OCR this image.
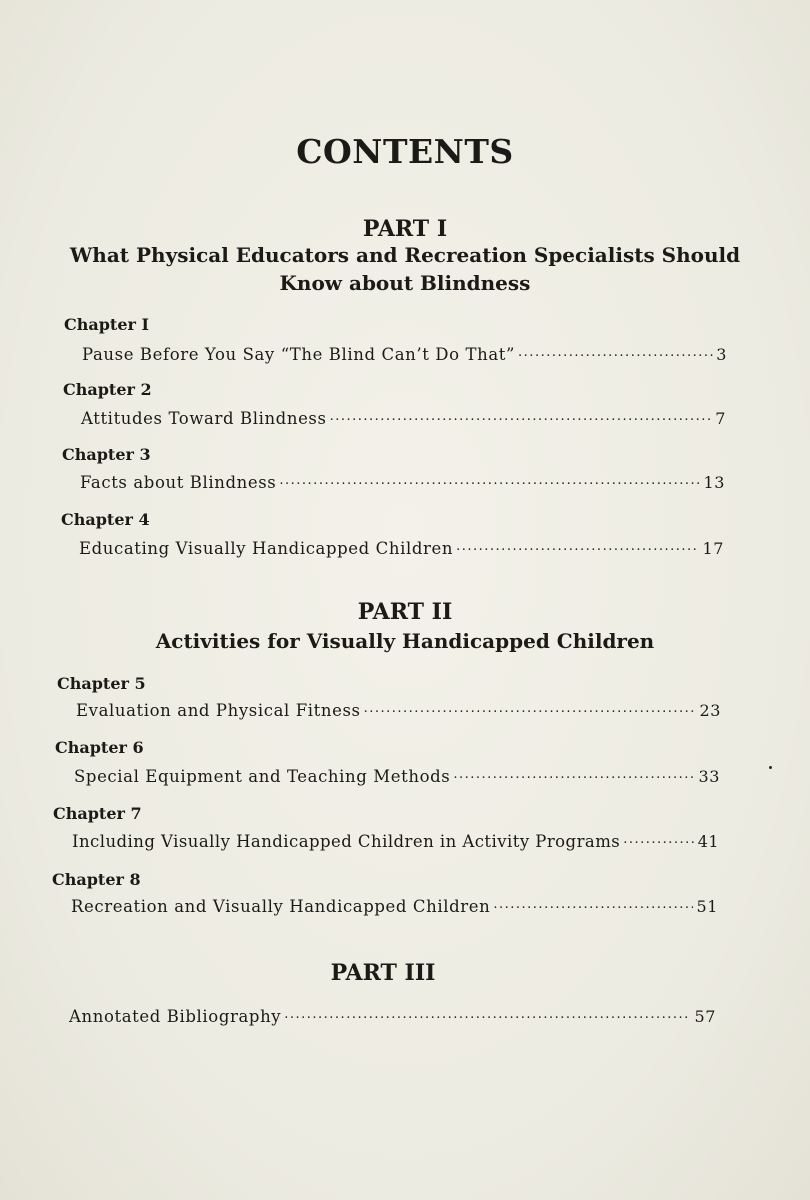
CONTENTS
PART I
What Physical Educators and Recreation Specialists Should
Know about Blindness
Chapter I
Pause Before You Say “The Blind Can’t Do That” .....	3
Chapter 2
Attitudes Toward Blindness .....	7
Chapter 3
Facts about Blindness .....	13
Chapter 4
Educating Visually Handicapped Children .....	17
PART II
Activities for Visually Handicapped Children
Chapter 5
Evaluation and Physical Fitness .....	23
Chapter 6
Special Equipment and Teaching Methods .....	33
Chapter 7
Including Visually Handicapped Children in Activity Programs .....	41
Chapter 8
Recreation and Visually Handicapped Children .....	51
PART III
Annotated Bibliography .....	57
